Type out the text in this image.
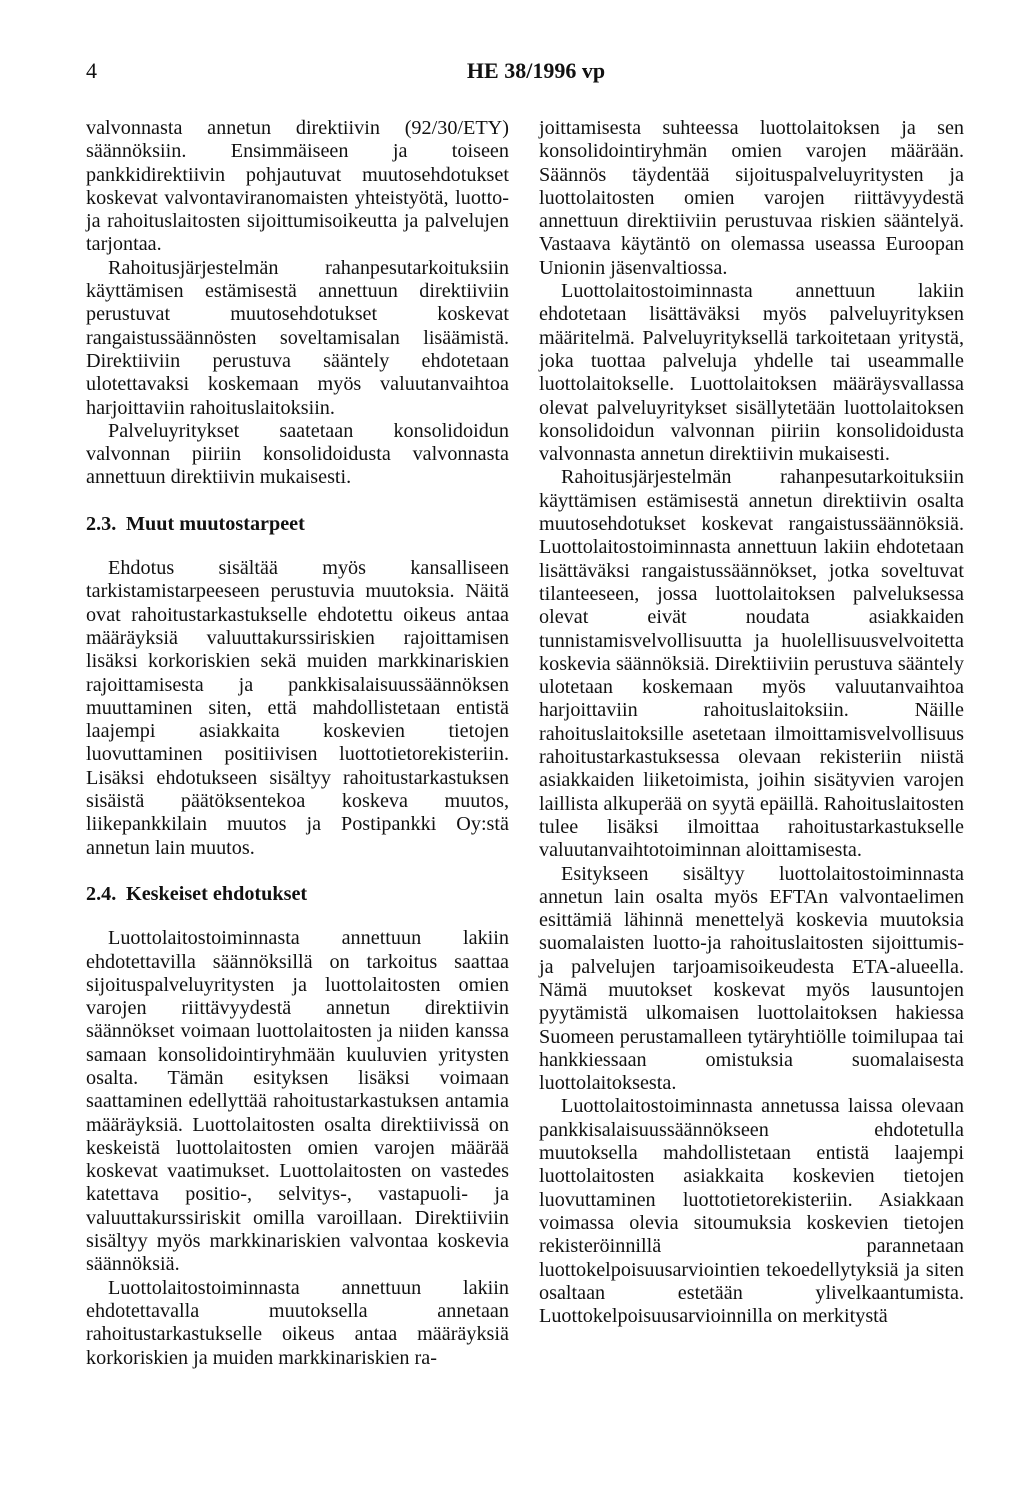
4	HE 38/1996 vp

valvonnasta annetun direktiivin (92/30/ETY) säännöksiin. Ensimmäiseen ja toiseen pankkidirektiivin pohjautuvat muutosehdotukset koskevat valvontaviranomaisten yhteistyötä, luotto- ja rahoituslaitosten sijoittumisoikeutta ja palvelujen tarjontaa.

Rahoitusjärjestelmän rahanpesutarkoituksiin käyttämisen estämisestä annettuun direktiiviin perustuvat muutosehdotukset koskevat rangaistussäännösten soveltamisalan lisäämistä. Direktiiviin perustuva sääntely ehdotetaan ulotettavaksi koskemaan myös valuutanvaihtoa harjoittaviin rahoituslaitoksiin.

Palveluyritykset saatetaan konsolidoidun valvonnan piiriin konsolidoidusta valvonnasta annettuun direktiivin mukaisesti.

2.3. Muut muutostarpeet

Ehdotus sisältää myös kansalliseen tarkistamistarpeeseen perustuvia muutoksia. Näitä ovat rahoitustarkastukselle ehdotettu oikeus antaa määräyksiä valuuttakurssiriskien rajoittamisen lisäksi korkoriskien sekä muiden markkinariskien rajoittamisesta ja pankkisalaisuussäännöksen muuttaminen siten, että mahdollistetaan entistä laajempi asiakkaita koskevien tietojen luovuttaminen positiivisen luottotietorekisteriin. Lisäksi ehdotukseen sisältyy rahoitustarkastuksen sisäistä päätöksentekoa koskeva muutos, liikepankkilain muutos ja Postipankki Oy:stä annetun lain muutos.

2.4. Keskeiset ehdotukset

Luottolaitostoiminnasta annettuun lakiin ehdotettavilla säännöksillä on tarkoitus saattaa sijoituspalveluyritysten ja luottolaitosten omien varojen riittävyydestä annetun direktiivin säännökset voimaan luottolaitosten ja niiden kanssa samaan konsolidointiryhmään kuuluvien yritysten osalta. Tämän esityksen lisäksi voimaan saattaminen edellyttää rahoitustarkastuksen antamia määräyksiä. Luottolaitosten osalta direktiivissä on keskeistä luottolaitosten omien varojen määrää koskevat vaatimukset. Luottolaitosten on vastedes katettava positio-, selvitys-, vastapuoli- ja valuuttakurssiriskit omilla varoillaan. Direktiiviin sisältyy myös markkinariskien valvontaa koskevia säännöksiä.

Luottolaitostoiminnasta annettuun lakiin ehdotettavalla muutoksella annetaan rahoitustarkastukselle oikeus antaa määräyksiä korkoriskien ja muiden markkinariskien ra-

joittamisesta suhteessa luottolaitoksen ja sen konsolidointiryhmän omien varojen määrään. Säännös täydentää sijoituspalveluyritysten ja luottolaitosten omien varojen riittävyydestä annettuun direktiiviin perustuvaa riskien sääntelyä. Vastaava käytäntö on olemassa useassa Euroopan Unionin jäsenvaltiossa.

Luottolaitostoiminnasta annettuun lakiin ehdotetaan lisättäväksi myös palveluyrityksen määritelmä. Palveluyrityksellä tarkoitetaan yritystä, joka tuottaa palveluja yhdelle tai useammalle luottolaitokselle. Luottolaitoksen määräysvallassa olevat palveluyritykset sisällytetään luottolaitoksen konsolidoidun valvonnan piiriin konsolidoidusta valvonnasta annetun direktiivin mukaisesti.

Rahoitusjärjestelmän rahanpesutarkoituksiin käyttämisen estämisestä annetun direktiivin osalta muutosehdotukset koskevat rangaistussäännöksiä. Luottolaitostoiminnasta annettuun lakiin ehdotetaan lisättäväksi rangaistussäännökset, jotka soveltuvat tilanteeseen, jossa luottolaitoksen palveluksessa olevat eivät noudata asiakkaiden tunnistamisvelvollisuutta ja huolellisuusvelvoitetta koskevia säännöksiä. Direktiiviin perustuva sääntely ulotetaan koskemaan myös valuutanvaihtoa harjoittaviin rahoituslaitoksiin. Näille rahoituslaitoksille asetetaan ilmoittamisvelvollisuus rahoitustarkastuksessa olevaan rekisteriin niistä asiakkaiden liiketoimista, joihin sisätyvien varojen laillista alkuperää on syytä epäillä. Rahoituslaitosten tulee lisäksi ilmoittaa rahoitustarkastukselle valuutanvaihtotoiminnan aloittamisesta.

Esitykseen sisältyy luottolaitostoiminnasta annetun lain osalta myös EFTAn valvontaelimen esittämiä lähinnä menettelyä koskevia muutoksia suomalaisten luotto-ja rahoituslaitosten sijoittumis- ja palvelujen tarjoamisoikeudesta ETA-alueella. Nämä muutokset koskevat myös lausuntojen pyytämistä ulkomaisen luottolaitoksen hakiessa Suomeen perustamalleen tytäryhtiölle toimilupaa tai hankkiessaan omistuksia suomalaisesta luottolaitoksesta.

Luottolaitostoiminnasta annetussa laissa olevaan pankkisalaisuussäännökseen ehdotetulla muutoksella mahdollistetaan entistä laajempi luottolaitosten asiakkaita koskevien tietojen luovuttaminen luottotietorekisteriin. Asiakkaan voimassa olevia sitoumuksia koskevien tietojen rekisteröinnillä parannetaan luottokelpoisuusarviointien tekoedellytyksiä ja siten osaltaan estetään ylivelkaantumista. Luottokelpoisuusarvioinnilla on merkitystä
